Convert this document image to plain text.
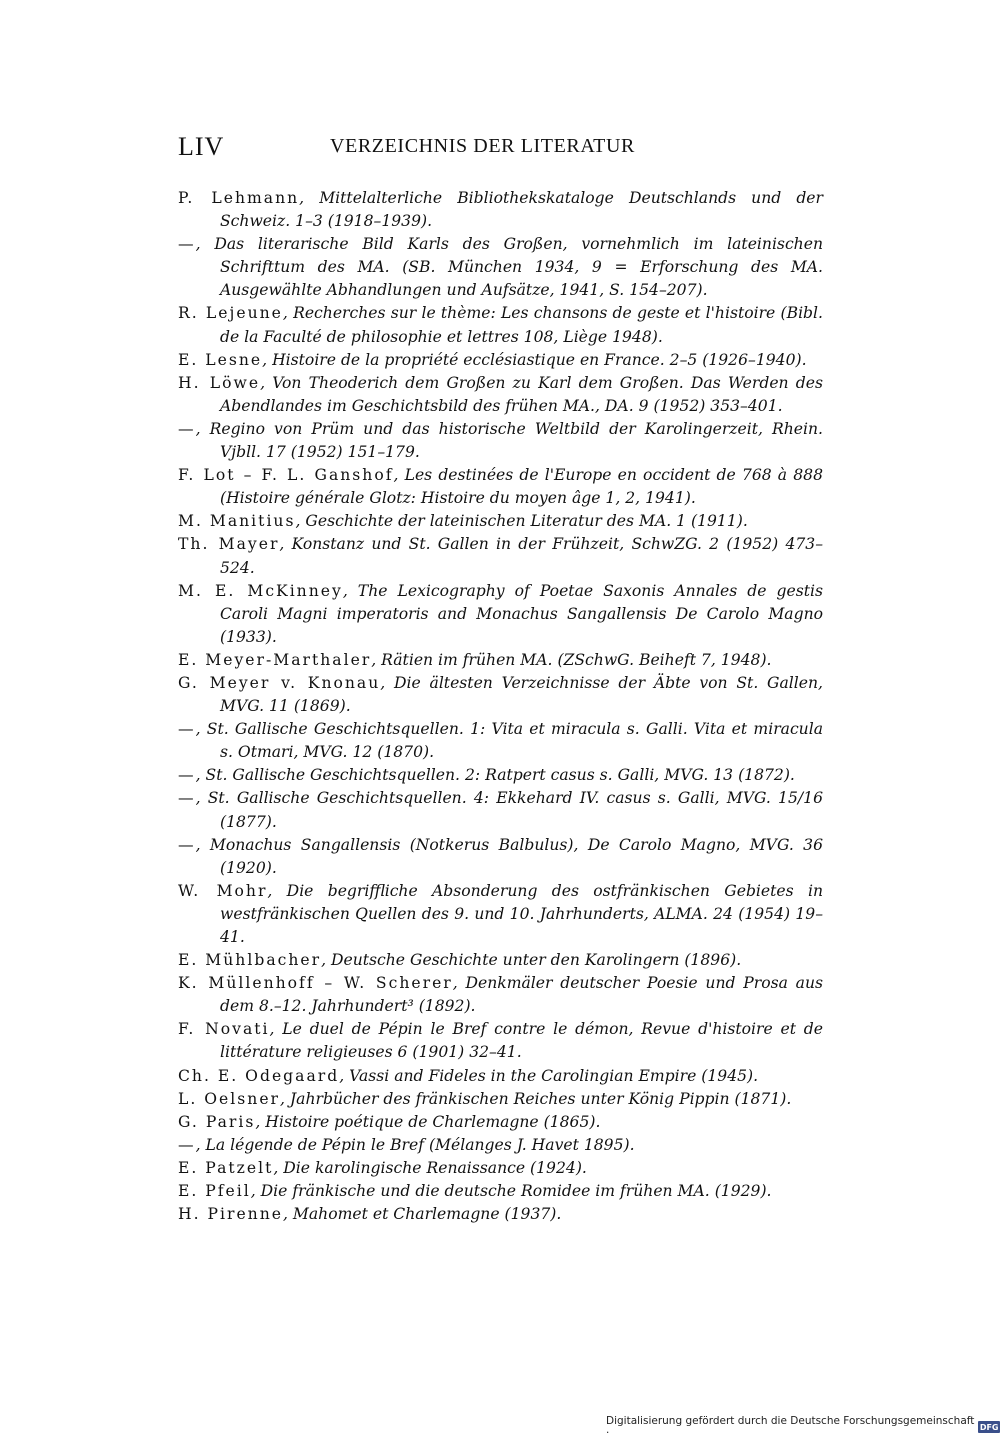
LIV	VERZEICHNIS DER LITERATUR

P. Lehmann, Mittelalterliche Bibliothekskataloge Deutschlands und der Schweiz. 1–3 (1918–1939).

—, Das literarische Bild Karls des Großen, vornehmlich im lateinischen Schrifttum des MA. (SB. München 1934, 9 = Erforschung des MA. Ausgewählte Abhandlungen und Aufsätze, 1941, S. 154–207).

R. Lejeune, Recherches sur le thème: Les chansons de geste et l'histoire (Bibl. de la Faculté de philosophie et lettres 108, Liège 1948).

E. Lesne, Histoire de la propriété ecclésiastique en France. 2–5 (1926–1940).

H. Löwe, Von Theoderich dem Großen zu Karl dem Großen. Das Werden des Abendlandes im Geschichtsbild des frühen MA., DA. 9 (1952) 353–401.

—, Regino von Prüm und das historische Weltbild der Karolingerzeit, Rhein. Vjbll. 17 (1952) 151–179.

F. Lot – F. L. Ganshof, Les destinées de l'Europe en occident de 768 à 888 (Histoire générale Glotz: Histoire du moyen âge 1, 2, 1941).

M. Manitius, Geschichte der lateinischen Literatur des MA. 1 (1911).

Th. Mayer, Konstanz und St. Gallen in der Frühzeit, SchwZG. 2 (1952) 473–524.

M. E. McKinney, The Lexicography of Poetae Saxonis Annales de gestis Caroli Magni imperatoris and Monachus Sangallensis De Carolo Magno (1933).

E. Meyer-Marthaler, Rätien im frühen MA. (ZSchwG. Beiheft 7, 1948).

G. Meyer v. Knonau, Die ältesten Verzeichnisse der Äbte von St. Gallen, MVG. 11 (1869).

—, St. Gallische Geschichtsquellen. 1: Vita et miracula s. Galli. Vita et miracula s. Otmari, MVG. 12 (1870).

—, St. Gallische Geschichtsquellen. 2: Ratpert casus s. Galli, MVG. 13 (1872).

—, St. Gallische Geschichtsquellen. 4: Ekkehard IV. casus s. Galli, MVG. 15/16 (1877).

—, Monachus Sangallensis (Notkerus Balbulus), De Carolo Magno, MVG. 36 (1920).

W. Mohr, Die begriffliche Absonderung des ostfränkischen Gebietes in westfränkischen Quellen des 9. und 10. Jahrhunderts, ALMA. 24 (1954) 19–41.

E. Mühlbacher, Deutsche Geschichte unter den Karolingern (1896).

K. Müllenhoff – W. Scherer, Denkmäler deutscher Poesie und Prosa aus dem 8.–12. Jahrhundert³ (1892).

F. Novati, Le duel de Pépin le Bref contre le démon, Revue d'histoire et de littérature religieuses 6 (1901) 32–41.

Ch. E. Odegaard, Vassi and Fideles in the Carolingian Empire (1945).

L. Oelsner, Jahrbücher des fränkischen Reiches unter König Pippin (1871).

G. Paris, Histoire poétique de Charlemagne (1865).

—, La légende de Pépin le Bref (Mélanges J. Havet 1895).

E. Patzelt, Die karolingische Renaissance (1924).

E. Pfeil, Die fränkische und die deutsche Romidee im frühen MA. (1929).

H. Pirenne, Mahomet et Charlemagne (1937).

Digitalisierung gefördert durch die Deutsche Forschungsgemeinschaft ·	DFG
